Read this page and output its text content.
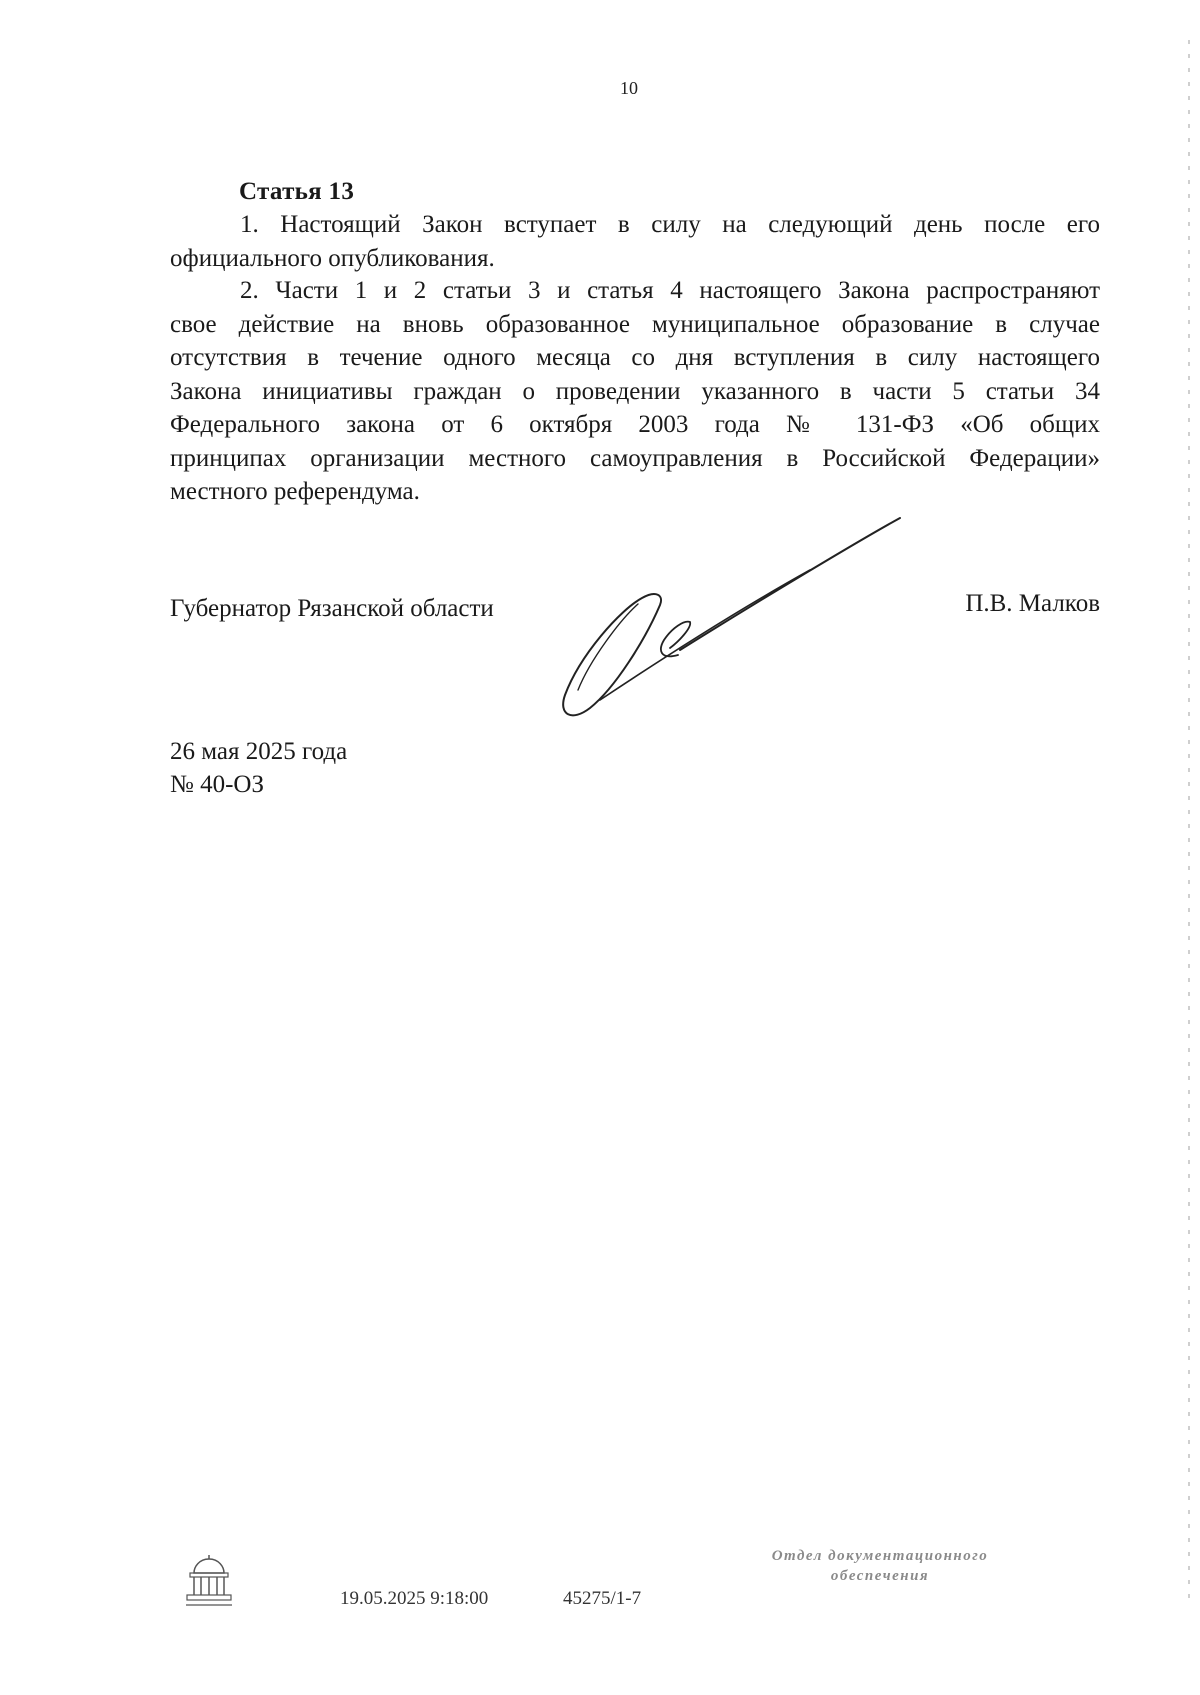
10
Статья 13
1. Настоящий Закон вступает в силу на следующий день после его
официального опубликования.
2. Части 1 и 2 статьи 3 и статья 4 настоящего Закона распространяют
свое действие на вновь образованное муниципальное образование в случае
отсутствия в течение одного месяца со дня вступления в силу настоящего
Закона инициативы граждан о проведении указанного в части 5 статьи 34
Федерального закона от 6 октября 2003 года № 131-ФЗ «Об общих
принципах организации местного самоуправления в Российской Федерации»
местного референдума.
Губернатор Рязанской области	П.В. Малков
26 мая 2025 года
№ 40-ОЗ
19.05.2025 9:18:00	45275/1-7
Отдел документационного
обеспечения
